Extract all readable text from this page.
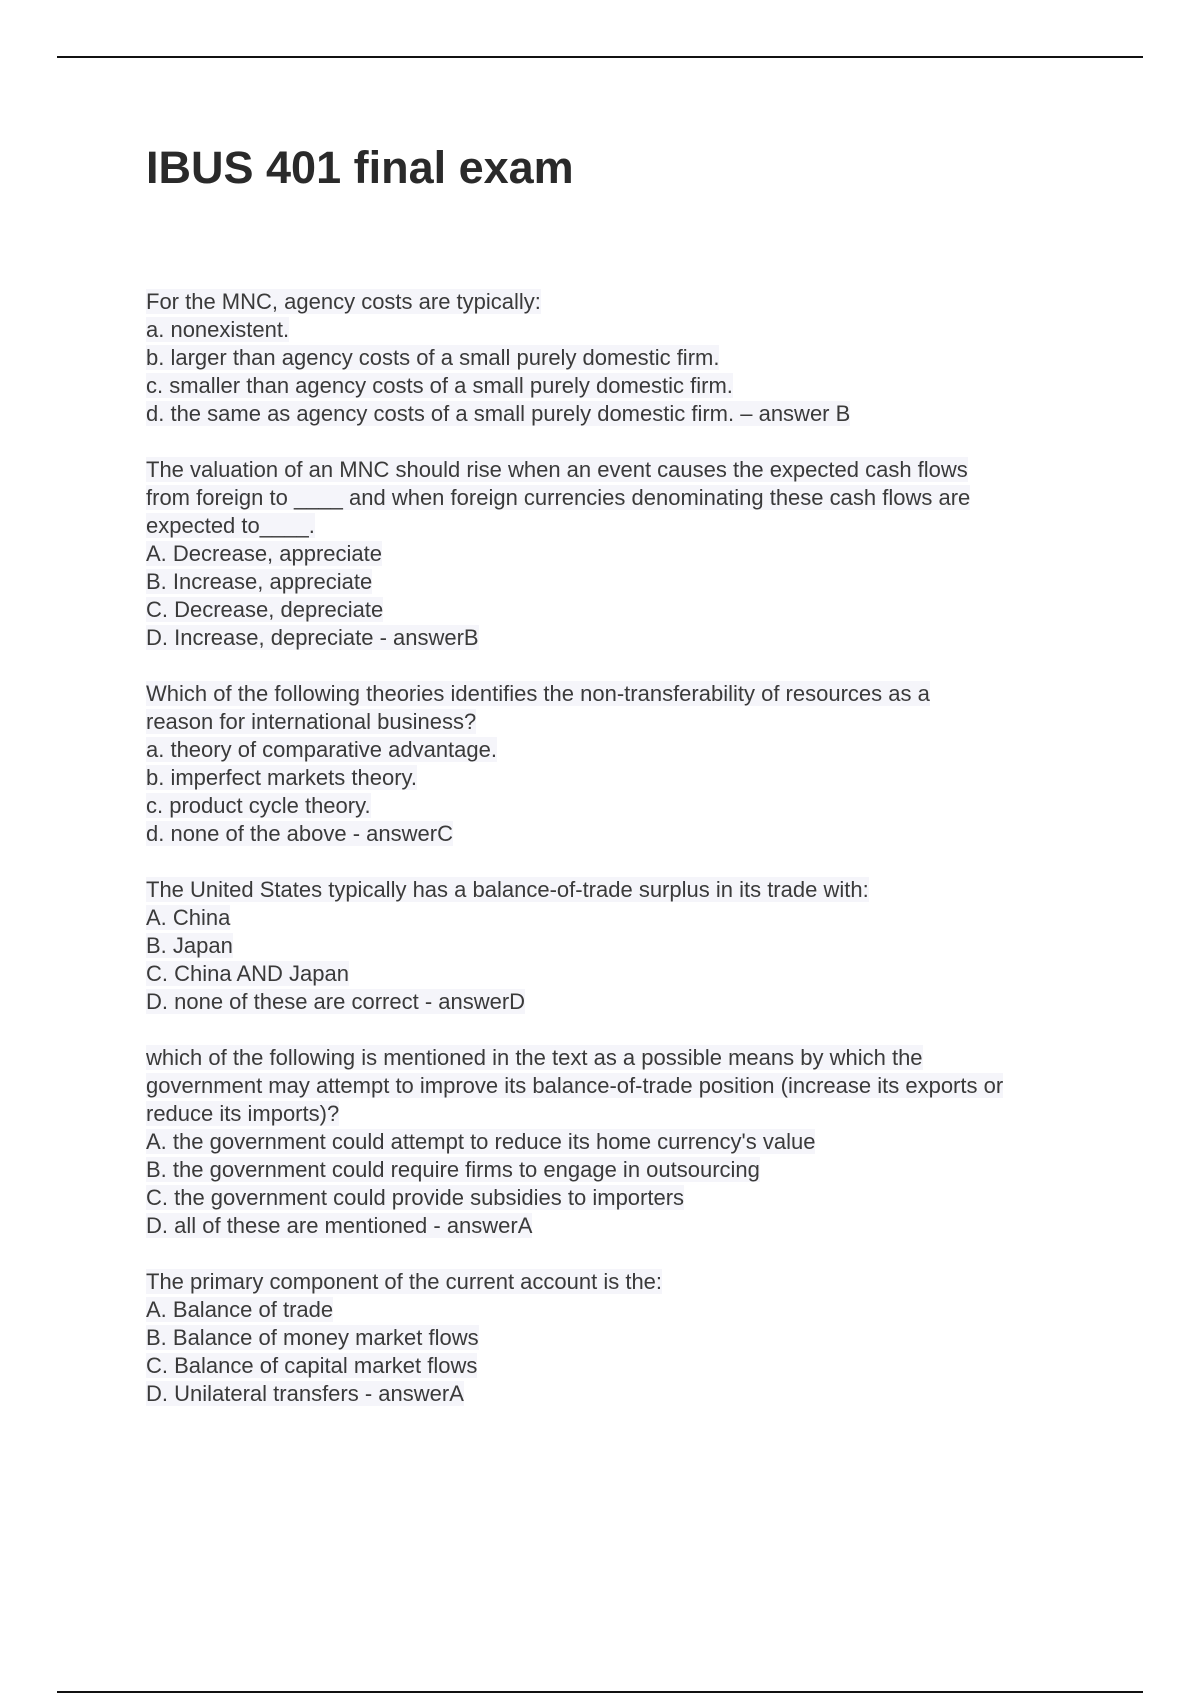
IBUS 401 final exam
For the MNC, agency costs are typically:
a. nonexistent.
b. larger than agency costs of a small purely domestic firm.
c. smaller than agency costs of a small purely domestic firm.
d. the same as agency costs of a small purely domestic firm. – answer B
The valuation of an MNC should rise when an event causes the expected cash flows
from foreign to ____ and when foreign currencies denominating these cash flows are
expected to____.
A. Decrease, appreciate
B. Increase, appreciate
C. Decrease, depreciate
D. Increase, depreciate - answerB
Which of the following theories identifies the non-transferability of resources as a
reason for international business?
a. theory of comparative advantage.
b. imperfect markets theory.
c. product cycle theory.
d. none of the above - answerC
The United States typically has a balance-of-trade surplus in its trade with:
A. China
B. Japan
C. China AND Japan
D. none of these are correct - answerD
which of the following is mentioned in the text as a possible means by which the
government may attempt to improve its balance-of-trade position (increase its exports or
reduce its imports)?
A. the government could attempt to reduce its home currency's value
B. the government could require firms to engage in outsourcing
C. the government could provide subsidies to importers
D. all of these are mentioned - answerA
The primary component of the current account is the:
A. Balance of trade
B. Balance of money market flows
C. Balance of capital market flows
D. Unilateral transfers - answerA
